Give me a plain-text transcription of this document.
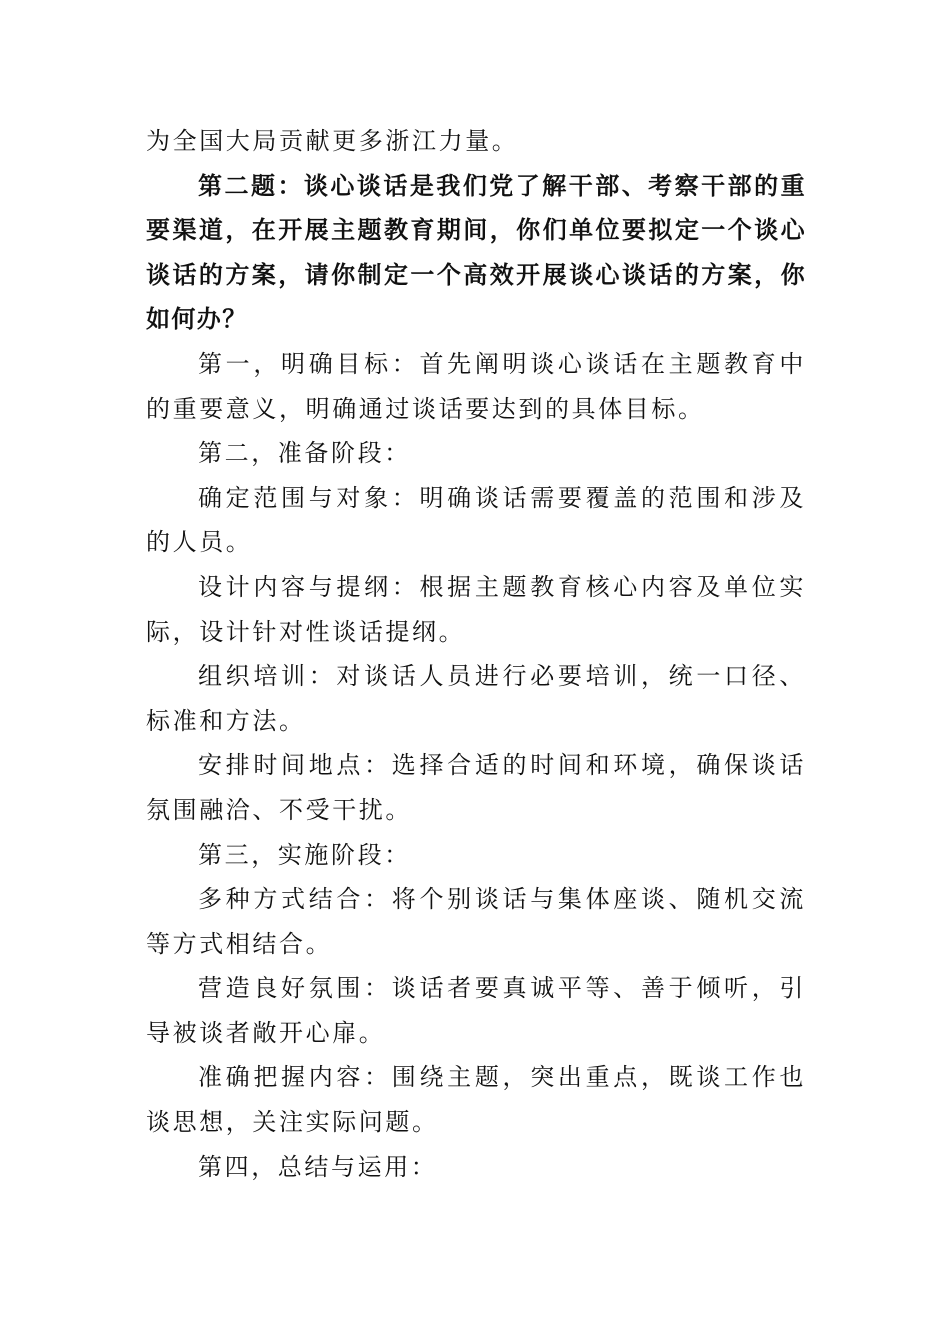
为全国大局贡献更多浙江力量。

第二题：谈心谈话是我们党了解干部、考察干部的重要渠道，在开展主题教育期间，你们单位要拟定一个谈心谈话的方案，请你制定一个高效开展谈心谈话的方案，你如何办？

第一，明确目标：首先阐明谈心谈话在主题教育中的重要意义，明确通过谈话要达到的具体目标。

第二，准备阶段：

确定范围与对象：明确谈话需要覆盖的范围和涉及的人员。

设计内容与提纲：根据主题教育核心内容及单位实际，设计针对性谈话提纲。

组织培训：对谈话人员进行必要培训，统一口径、标准和方法。

安排时间地点：选择合适的时间和环境，确保谈话氛围融洽、不受干扰。

第三，实施阶段：

多种方式结合：将个别谈话与集体座谈、随机交流等方式相结合。

营造良好氛围：谈话者要真诚平等、善于倾听，引导被谈者敞开心扉。

准确把握内容：围绕主题，突出重点，既谈工作也谈思想，关注实际问题。

第四，总结与运用：
